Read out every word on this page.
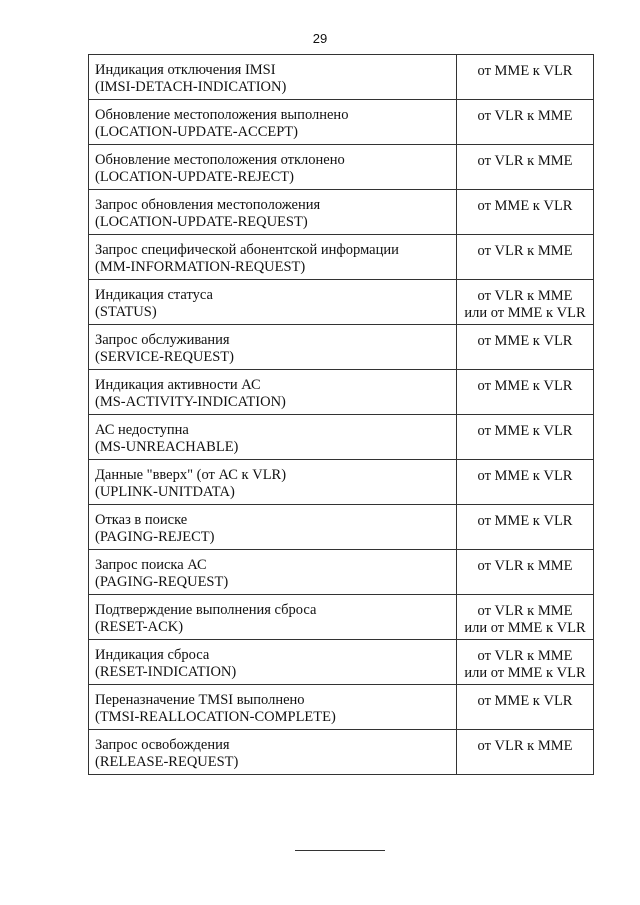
29
Индикация отключения IMSI
(IMSI-DETACH-INDICATION)	от MME к VLR

Обновление местоположения выполнено
(LOCATION-UPDATE-ACCEPT)	от VLR к MME

Обновление местоположения отклонено
(LOCATION-UPDATE-REJECT)	от VLR к MME

Запрос обновления местоположения
(LOCATION-UPDATE-REQUEST)	от MME к VLR

Запрос специфической абонентской информации
(MM-INFORMATION-REQUEST)	от VLR к MME

Индикация статуса
(STATUS)	от VLR к MME
или от MME к VLR

Запрос обслуживания
(SERVICE-REQUEST)	от MME к VLR

Индикация активности АС
(MS-ACTIVITY-INDICATION)	от MME к VLR

АС недоступна
(MS-UNREACHABLE)	от MME к VLR

Данные "вверх" (от АС к VLR)
(UPLINK-UNITDATA)	от MME к VLR

Отказ в поиске
(PAGING-REJECT)	от MME к VLR

Запрос поиска АС
(PAGING-REQUEST)	от VLR к MME

Подтверждение выполнения сброса
(RESET-ACK)	от VLR к MME
или от MME к VLR

Индикация сброса
(RESET-INDICATION)	от VLR к MME
или от MME к VLR

Переназначение TMSI выполнено
(TMSI-REALLOCATION-COMPLETE)	от MME к VLR

Запрос освобождения
(RELEASE-REQUEST)	от VLR к MME
